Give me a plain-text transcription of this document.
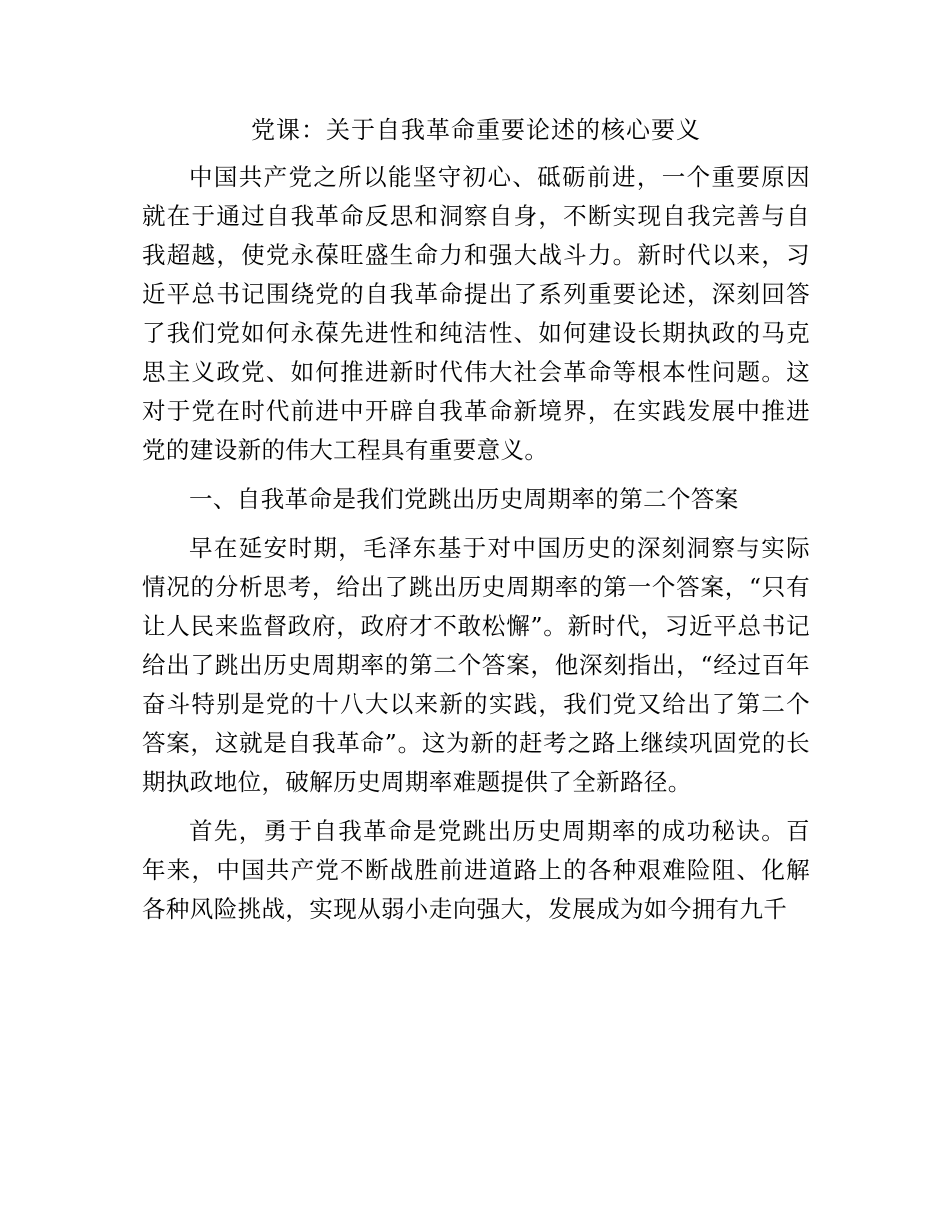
党课：关于自我革命重要论述的核心要义

中国共产党之所以能坚守初心、砥砺前进，一个重要原因就在于通过自我革命反思和洞察自身，不断实现自我完善与自我超越，使党永葆旺盛生命力和强大战斗力。新时代以来，习近平总书记围绕党的自我革命提出了系列重要论述，深刻回答了我们党如何永葆先进性和纯洁性、如何建设长期执政的马克思主义政党、如何推进新时代伟大社会革命等根本性问题。这对于党在时代前进中开辟自我革命新境界，在实践发展中推进党的建设新的伟大工程具有重要意义。

一、自我革命是我们党跳出历史周期率的第二个答案

早在延安时期，毛泽东基于对中国历史的深刻洞察与实际情况的分析思考，给出了跳出历史周期率的第一个答案，“只有让人民来监督政府，政府才不敢松懈”。新时代，习近平总书记给出了跳出历史周期率的第二个答案，他深刻指出，“经过百年奋斗特别是党的十八大以来新的实践，我们党又给出了第二个答案，这就是自我革命”。这为新的赶考之路上继续巩固党的长期执政地位，破解历史周期率难题提供了全新路径。

首先，勇于自我革命是党跳出历史周期率的成功秘诀。百年来，中国共产党不断战胜前进道路上的各种艰难险阻、化解各种风险挑战，实现从弱小走向强大，发展成为如今拥有九千
